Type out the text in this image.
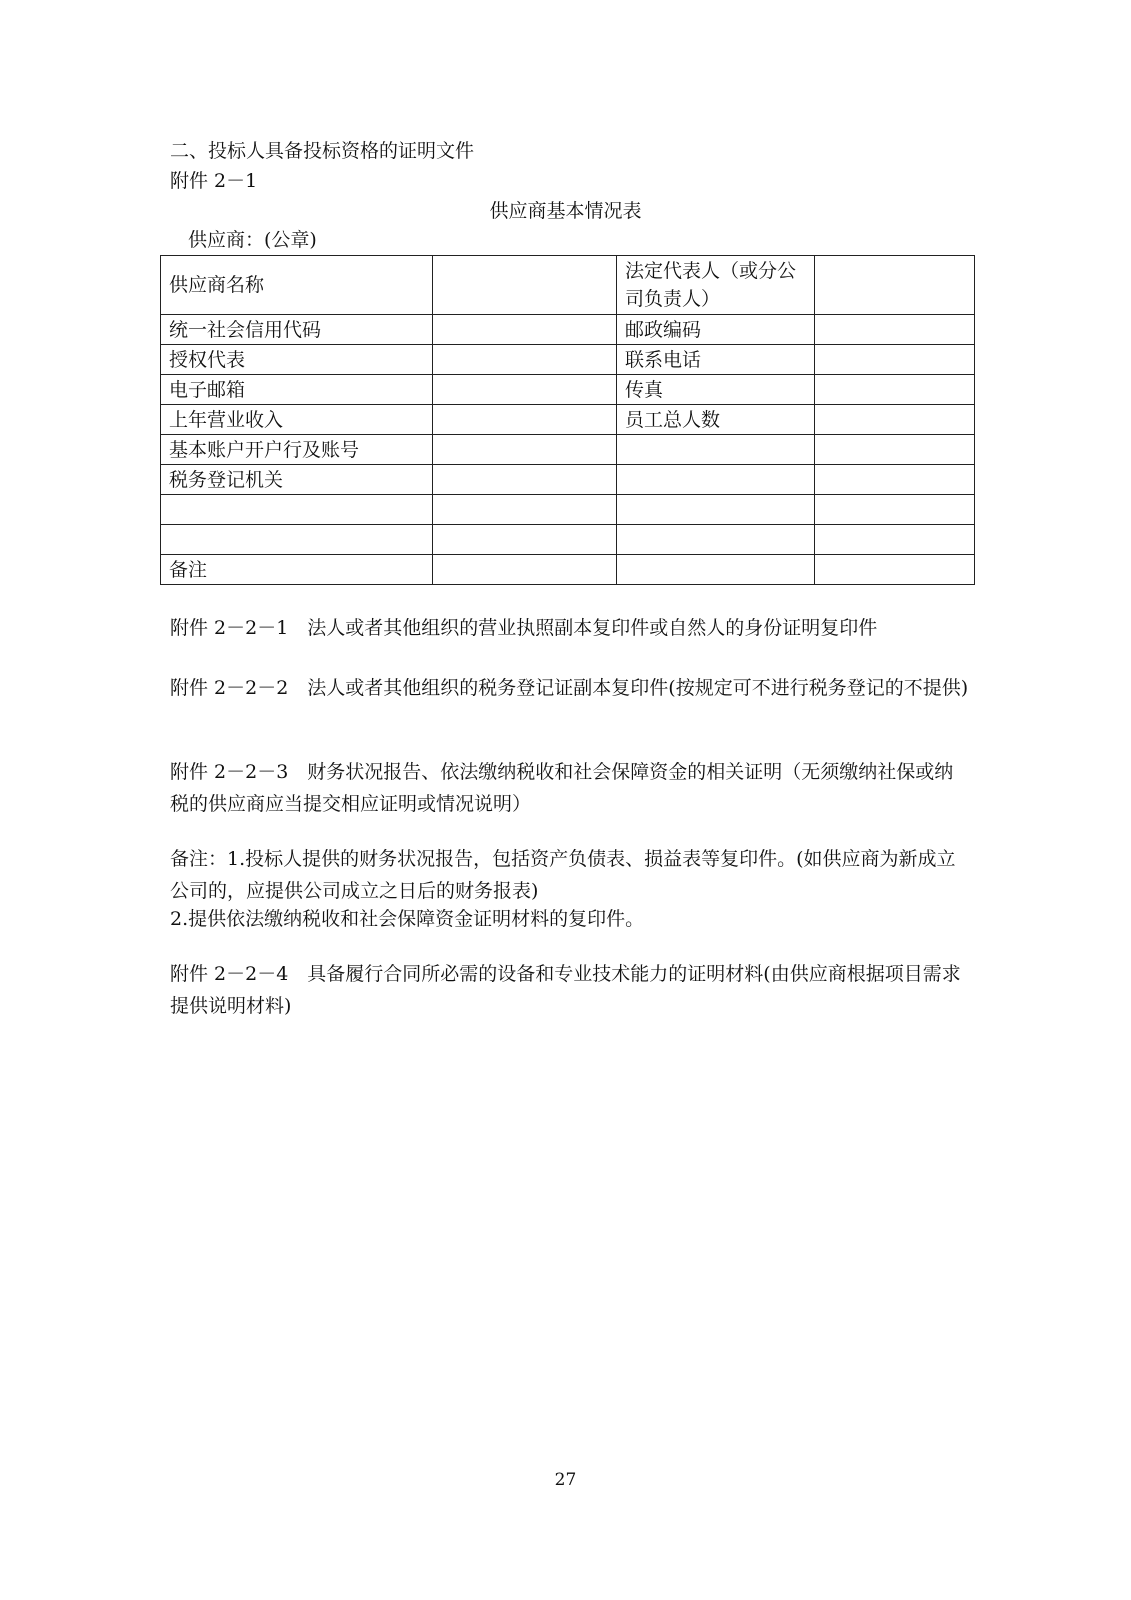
二、投标人具备投标资格的证明文件
附件 2－1
供应商基本情况表
供应商：(公章)
供应商名称		法定代表人（或分公司负责人）	
统一社会信用代码		邮政编码	
授权代表		联系电话	
电子邮箱		传真	
上年营业收入		员工总人数	
基本账户开户行及账号			
税务登记机关			

备注			
附件 2－2－1　法人或者其他组织的营业执照副本复印件或自然人的身份证明复印件
附件 2－2－2　法人或者其他组织的税务登记证副本复印件(按规定可不进行税务登记的不提供)
附件 2－2－3　财务状况报告、依法缴纳税收和社会保障资金的相关证明（无须缴纳社保或纳税的供应商应当提交相应证明或情况说明）
备注：1.投标人提供的财务状况报告，包括资产负债表、损益表等复印件。(如供应商为新成立公司的，应提供公司成立之日后的财务报表)
2.提供依法缴纳税收和社会保障资金证明材料的复印件。
附件 2－2－4　具备履行合同所必需的设备和专业技术能力的证明材料(由供应商根据项目需求提供说明材料)
27
